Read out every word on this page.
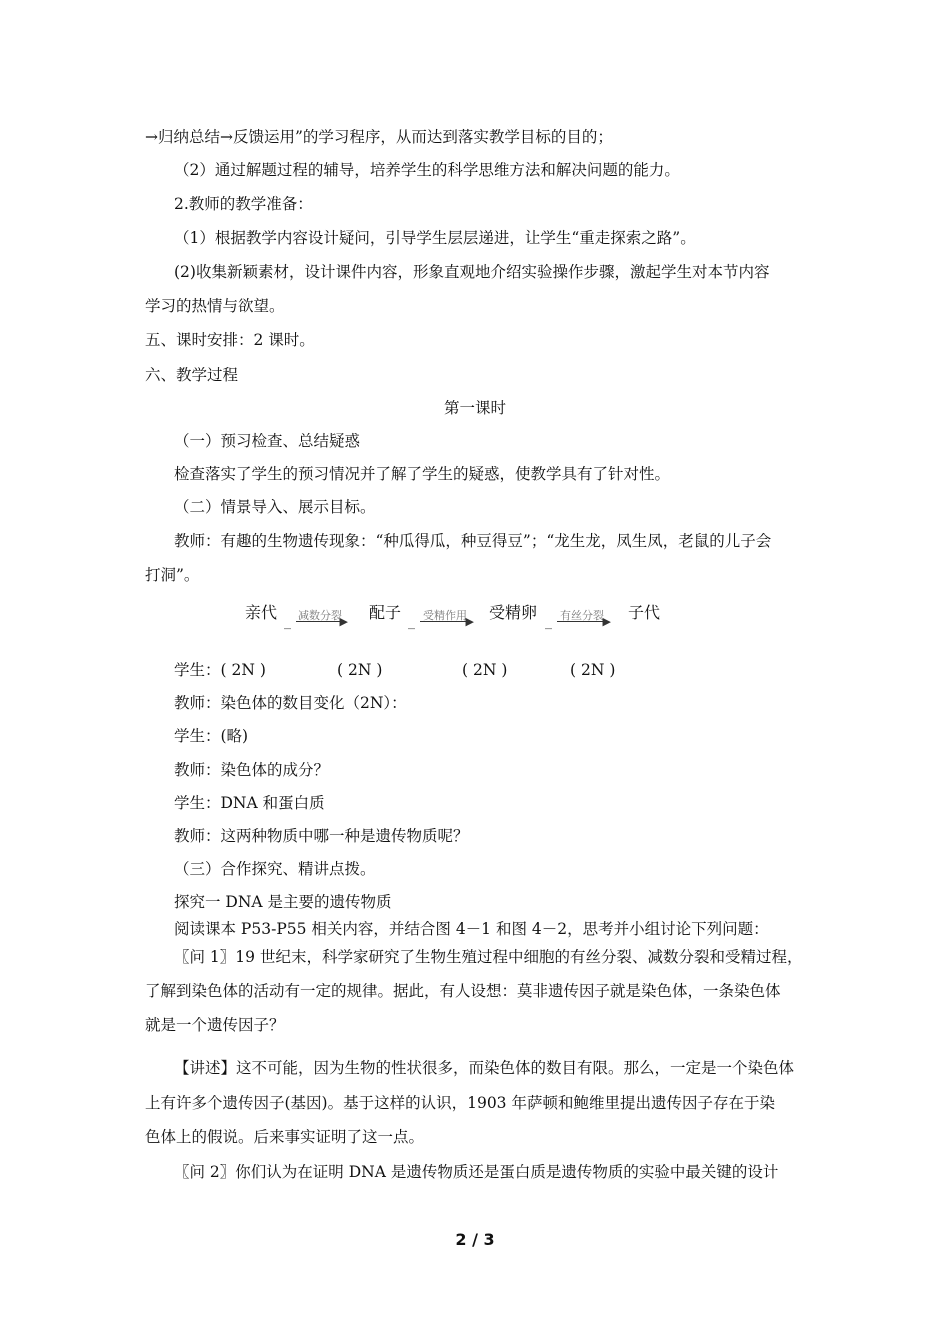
→归纳总结→反馈运用”的学习程序，从而达到落实教学目标的目的；
（2）通过解题过程的辅导，培养学生的科学思维方法和解决问题的能力。
2.教师的教学准备：
（1）根据教学内容设计疑问，引导学生层层递进，让学生“重走探索之路”。
(2)收集新颖素材，设计课件内容，形象直观地介绍实验操作步骤，激起学生对本节内容
学习的热情与欲望。
五、课时安排：2 课时。
六、教学过程
第一课时
（一）预习检查、总结疑惑
检查落实了学生的预习情况并了解了学生的疑惑，使教学具有了针对性。
（二）情景导入、展示目标。
教师：有趣的生物遗传现象：“种瓜得瓜，种豆得豆”；“龙生龙，凤生凤，老鼠的儿子会
打洞”。
亲代 _ 减数分裂
▶ 配子 _ 受精作用
▶ 受精卵 _ 有丝分裂
▶ 子代
学生：( 2N )	( 2N )	( 2N )	( 2N )
教师：染色体的数目变化（2N）：
学生：(略)
教师：染色体的成分？
学生：DNA 和蛋白质
教师：这两种物质中哪一种是遗传物质呢？
（三）合作探究、精讲点拨。
探究一 DNA 是主要的遗传物质
阅读课本 P53-P55 相关内容，并结合图 4－1 和图 4－2，思考并小组讨论下列问题：
〖问 1〗19 世纪末，科学家研究了生物生殖过程中细胞的有丝分裂、减数分裂和受精过程，
了解到染色体的活动有一定的规律。据此，有人设想：莫非遗传因子就是染色体，一条染色体
就是一个遗传因子？
【讲述】这不可能，因为生物的性状很多，而染色体的数目有限。那么，一定是一个染色体
上有许多个遗传因子(基因)。基于这样的认识，1903 年萨顿和鲍维里提出遗传因子存在于染
色体上的假说。后来事实证明了这一点。
〖问 2〗你们认为在证明 DNA 是遗传物质还是蛋白质是遗传物质的实验中最关键的设计
2 / 3
